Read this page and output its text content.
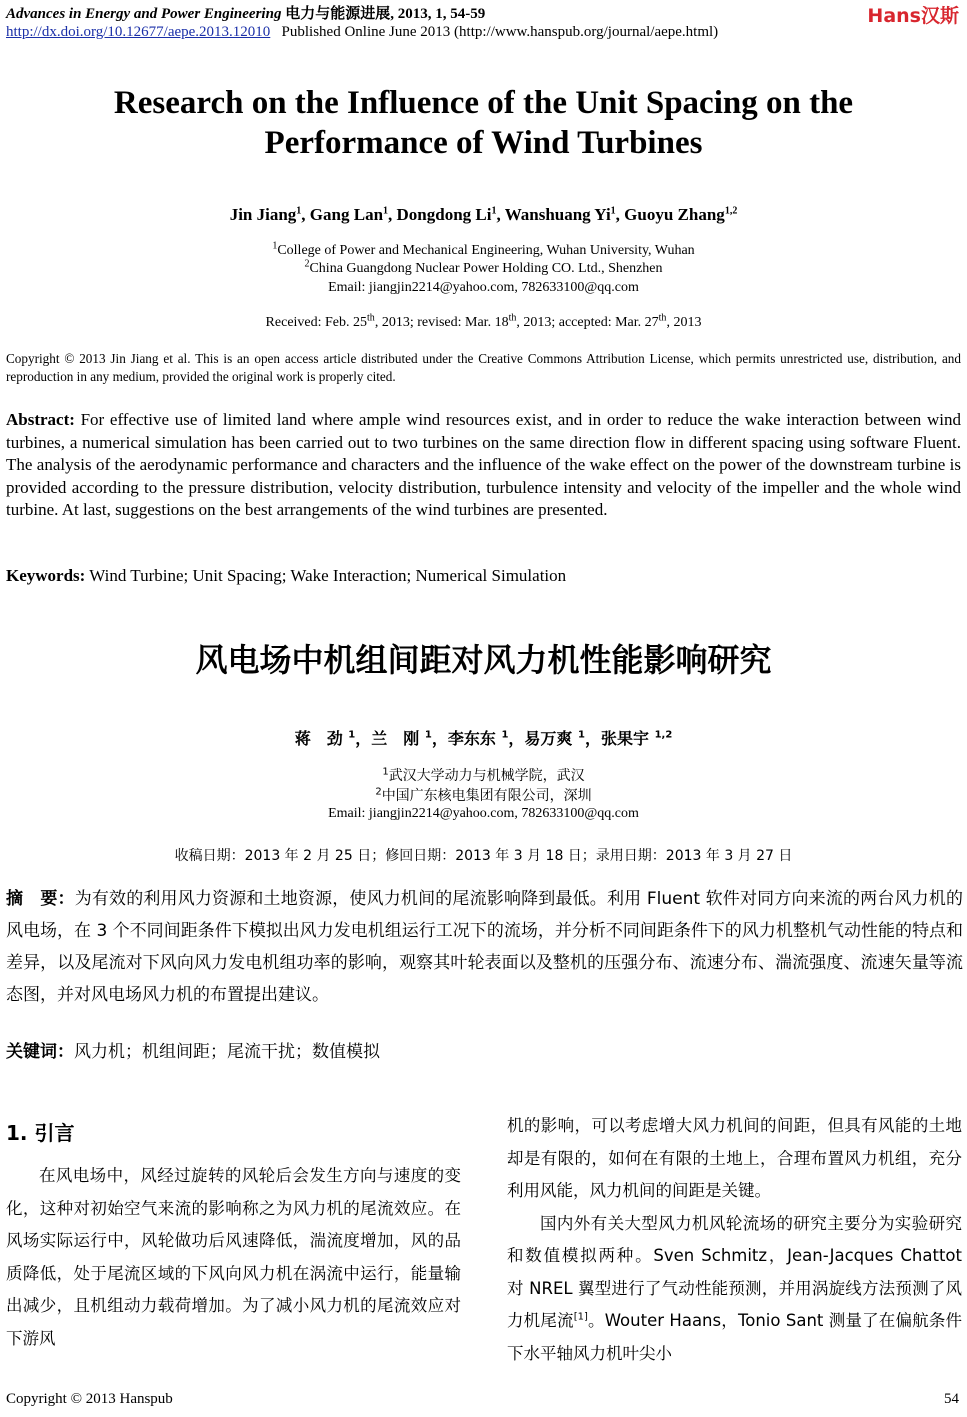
Advances in Energy and Power Engineering 电力与能源进展, 2013, 1, 54-59
http://dx.doi.org/10.12677/aepe.2013.12010 Published Online June 2013 (http://www.hanspub.org/journal/aepe.html)
Hans汉斯
Research on the Influence of the Unit Spacing on the
Performance of Wind Turbines
Jin Jiang$^1$, Gang Lan$^1$, Dongdong Li$^1$, Wanshuang Yi$^1$, Guoyu Zhang$^{1,2}$
$^1$College of Power and Mechanical Engineering, Wuhan University, Wuhan
$^2$China Guangdong Nuclear Power Holding CO. Ltd., Shenzhen
Email: jiangjin2214@yahoo.com, 782633100@qq.com
Received: Feb. 25th, 2013; revised: Mar. 18th, 2013; accepted: Mar. 27th, 2013
Copyright © 2013 Jin Jiang et al. This is an open access article distributed under the Creative Commons Attribution License, which permits unrestricted use, distribution, and reproduction in any medium, provided the original work is properly cited.
Abstract: For effective use of limited land where ample wind resources exist, and in order to reduce the wake interaction between wind turbines, a numerical simulation has been carried out to two turbines on the same direction flow in different spacing using software Fluent. The analysis of the aerodynamic performance and characters and the influence of the wake effect on the power of the downstream turbine is provided according to the pressure distribution, velocity distribution, turbulence intensity and velocity of the impeller and the whole wind turbine. At last, suggestions on the best arrangements of the wind turbines are presented.
Keywords: Wind Turbine; Unit Spacing; Wake Interaction; Numerical Simulation
风电场中机组间距对风力机性能影响研究
蒋　劲 $^1$，兰　刚 $^1$，李东东 $^1$，易万爽 $^1$，张果宇 $^{1,2}$
$^1$武汉大学动力与机械学院，武汉
$^2$中国广东核电集团有限公司，深圳
Email: jiangjin2214@yahoo.com, 782633100@qq.com
收稿日期：2013 年 2 月 25 日；修回日期：2013 年 3 月 18 日；录用日期：2013 年 3 月 27 日
摘　要：为有效的利用风力资源和土地资源，使风力机间的尾流影响降到最低。利用 Fluent 软件对同方向来流的两台风力机的风电场，在 3 个不同间距条件下模拟出风力发电机组运行工况下的流场，并分析不同间距条件下的风力机整机气动性能的特点和差异，以及尾流对下风向风力发电机组功率的影响，观察其叶轮表面以及整机的压强分布、流速分布、湍流强度、流速矢量等流态图，并对风电场风力机的布置提出建议。
关键词：风力机；机组间距；尾流干扰；数值模拟
1. 引言

在风电场中，风经过旋转的风轮后会发生方向与速度的变化，这种对初始空气来流的影响称之为风力机的尾流效应。在风场实际运行中，风轮做功后风速降低，湍流度增加，风的品质降低，处于尾流区域的下风向风力机在涡流中运行，能量输出减少，且机组动力载荷增加。为了减小风力机的尾流效应对下游风

机的影响，可以考虑增大风力机间的间距，但具有风能的土地却是有限的，如何在有限的土地上，合理布置风力机组，充分利用风能，风力机间的间距是关键。

国内外有关大型风力机风轮流场的研究主要分为实验研究和数值模拟两种。Sven Schmitz，Jean-Jacques Chattot 对 NREL 翼型进行了气动性能预测，并用涡旋线方法预测了风力机尾流[1]。Wouter Haans，Tonio Sant 测量了在偏航条件下水平轴风力机叶尖小

Copyright © 2013 Hanspub	54
